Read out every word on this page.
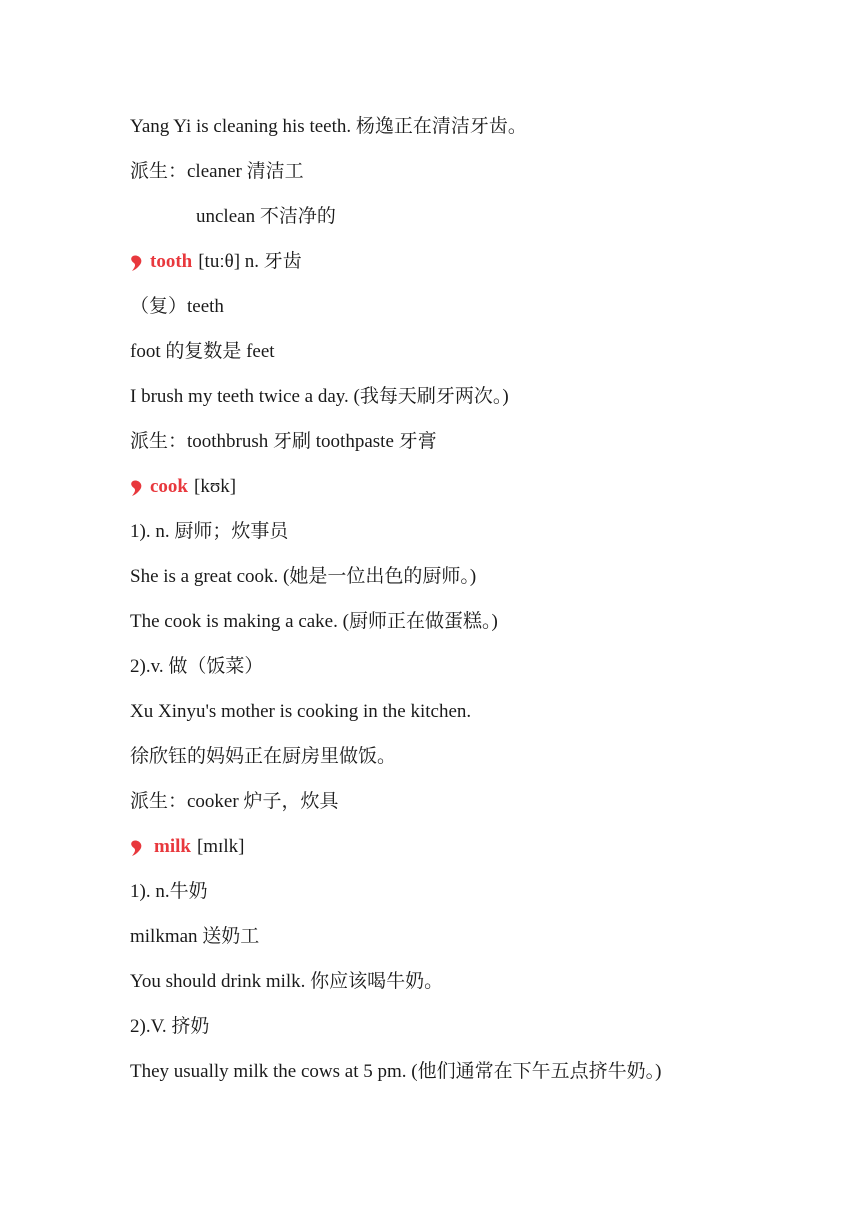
Yang Yi is cleaning his teeth. 杨逸正在清洁牙齿。
派生：cleaner 清洁工
unclean 不洁净的
tooth [tuːθ] n. 牙齿
（复）teeth
foot 的复数是 feet
I brush my teeth twice a day. (我每天刷牙两次。)
派生：toothbrush 牙刷 toothpaste 牙膏
cook [kʊk]
1). n. 厨师；炊事员
She is a great cook. (她是一位出色的厨师。)
The cook is making a cake. (厨师正在做蛋糕。)
2).v. 做（饭菜）
Xu Xinyu's mother is cooking in the kitchen.
徐欣钰的妈妈正在厨房里做饭。
派生：cooker 炉子，炊具
milk [mɪlk]
1). n.牛奶
milkman 送奶工
You should drink milk. 你应该喝牛奶。
2).V. 挤奶
They usually milk the cows at 5 pm. (他们通常在下午五点挤牛奶。)
